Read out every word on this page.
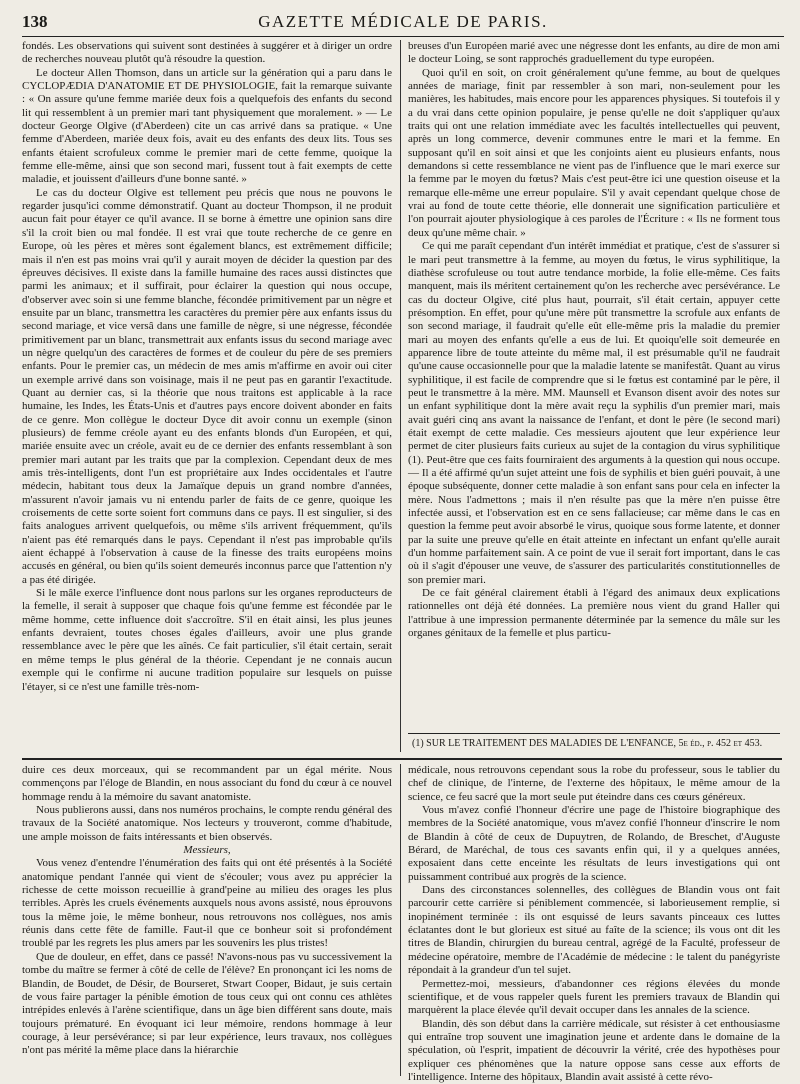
138	GAZETTE MÉDICALE DE PARIS.

fondés. Les observations qui suivent sont destinées à suggérer et à diriger un ordre de recherches nouveau plutôt qu'à résoudre la question.

Le docteur Allen Thomson, dans un article sur la génération qui a paru dans le CYCLOPÆDIA D'ANATOMIE ET DE PHYSIOLOGIE, fait la remarque suivante : « On assure qu'une femme mariée deux fois a quelquefois des enfants du second lit qui ressemblent à un premier mari tant physiquement que moralement. » — Le docteur George Olgive (d'Aberdeen) cite un cas arrivé dans sa pratique. « Une femme d'Aberdeen, mariée deux fois, avait eu des enfants des deux lits. Tous ses enfants étaient scrofuleux comme le premier mari de cette femme, quoique la femme elle-même, ainsi que son second mari, fussent tout à fait exempts de cette maladie, et jouissent d'ailleurs d'une bonne santé. »

Le cas du docteur Olgive est tellement peu précis que nous ne pouvons le regarder jusqu'ici comme démonstratif. Quant au docteur Thompson, il ne produit aucun fait pour étayer ce qu'il avance. Il se borne à émettre une opinion sans dire s'il la croit bien ou mal fondée. Il est vrai que toute recherche de ce genre en Europe, où les pères et mères sont également blancs, est extrêmement difficile; mais il n'en est pas moins vrai qu'il y aurait moyen de décider la question par des épreuves décisives. Il existe dans la famille humaine des races aussi distinctes que parmi les animaux; et il suffirait, pour éclairer la question qui nous occupe, d'observer avec soin si une femme blanche, fécondée primitivement par un nègre et ensuite par un blanc, transmettra les caractères du premier père aux enfants issus du second mariage, et vice versâ dans une famille de nègre, si une négresse, fécondée primitivement par un blanc, transmettrait aux enfants issus du second mariage avec un nègre quelqu'un des caractères de formes et de couleur du père de ses premiers enfants. Pour le premier cas, un médecin de mes amis m'affirme en avoir oui citer un exemple arrivé dans son voisinage, mais il ne peut pas en garantir l'exactitude. Quant au dernier cas, si la théorie que nous traitons est applicable à la race humaine, les Indes, les États-Unis et d'autres pays encore doivent abonder en faits de ce genre. Mon collègue le docteur Dyce dit avoir connu un exemple (sinon plusieurs) de femme créole ayant eu des enfants blonds d'un Européen, et qui, mariée ensuite avec un créole, avait eu de ce dernier des enfants ressemblant à son premier mari autant par les traits que par la complexion. Cependant deux de mes amis très-intelligents, dont l'un est propriétaire aux Indes occidentales et l'autre médecin, habitant tous deux la Jamaïque depuis un grand nombre d'années, m'assurent n'avoir jamais vu ni entendu parler de faits de ce genre, quoique les croisements de cette sorte soient fort communs dans ce pays. Il est singulier, si des faits analogues arrivent quelquefois, ou même s'ils arrivent fréquemment, qu'ils n'aient pas été remarqués dans le pays. Cependant il n'est pas improbable qu'ils aient échappé à l'observation à cause de la finesse des traits européens moins accusés en général, ou bien qu'ils soient demeurés inconnus parce que l'attention n'y a pas été dirigée.

Si le mâle exerce l'influence dont nous parlons sur les organes reproducteurs de la femelle, il serait à supposer que chaque fois qu'une femme est fécondée par le même homme, cette influence doit s'accroître. S'il en était ainsi, les plus jeunes enfants devraient, toutes choses égales d'ailleurs, avoir une plus grande ressemblance avec le père que les aînés. Ce fait particulier, s'il était certain, serait en même temps le plus général de la théorie. Cependant je ne connais aucun exemple qui le confirme ni aucune tradition populaire sur lesquels on puisse l'étayer, si ce n'est une famille très-nom-

breuses d'un Européen marié avec une négresse dont les enfants, au dire de mon ami le docteur Loing, se sont rapprochés graduellement du type européen.

Quoi qu'il en soit, on croit généralement qu'une femme, au bout de quelques années de mariage, finit par ressembler à son mari, non-seulement pour les manières, les habitudes, mais encore pour les apparences physiques. Si toutefois il y a du vrai dans cette opinion populaire, je pense qu'elle ne doit s'appliquer qu'aux traits qui ont une relation immédiate avec les facultés intellectuelles qui peuvent, après un long commerce, devenir communes entre le mari et la femme. En supposant qu'il en soit ainsi et que les conjoints aient eu plusieurs enfants, nous demandons si cette ressemblance ne vient pas de l'influence que le mari exerce sur la femme par le moyen du fœtus? Mais c'est peut-être ici une question oiseuse et la remarque elle-même une erreur populaire. S'il y avait cependant quelque chose de vrai au fond de toute cette théorie, elle donnerait une signification particulière et l'on pourrait ajouter physiologique à ces paroles de l'Écriture : « Ils ne forment tous deux qu'une même chair. »

Ce qui me paraît cependant d'un intérêt immédiat et pratique, c'est de s'assurer si le mari peut transmettre à la femme, au moyen du fœtus, le virus syphilitique, la diathèse scrofuleuse ou tout autre tendance morbide, la folie elle-même. Ces faits manquent, mais ils méritent certainement qu'on les recherche avec persévérance. Le cas du docteur Olgive, cité plus haut, pourrait, s'il était certain, appuyer cette présomption. En effet, pour qu'une mère pût transmettre la scrofule aux enfants de son second mariage, il faudrait qu'elle eût elle-même pris la maladie du premier mari au moyen des enfants qu'elle a eus de lui. Et quoiqu'elle soit demeurée en apparence libre de toute atteinte du même mal, il est présumable qu'il ne faudrait qu'une cause occasionnelle pour que la maladie latente se manifestât. Quant au virus syphilitique, il est facile de comprendre que si le fœtus est contaminé par le père, il peut le transmettre à la mère. MM. Maunsell et Evanson disent avoir des notes sur un enfant syphilitique dont la mère avait reçu la syphilis d'un premier mari, mais avait guéri cinq ans avant la naissance de l'enfant, et dont le père (le second mari) était exempt de cette maladie. Ces messieurs ajoutent que leur expérience leur permet de citer plusieurs faits curieux au sujet de la contagion du virus syphilitique (1). Peut-être que ces faits fourniraient des arguments à la question qui nous occupe. — Il a été affirmé qu'un sujet atteint une fois de syphilis et bien guéri pouvait, à une époque subséquente, donner cette maladie à son enfant sans pour cela en infecter la mère. Nous l'admettons ; mais il n'en résulte pas que la mère n'en puisse être infectée aussi, et l'observation est en ce sens fallacieuse; car même dans le cas en question la femme peut avoir absorbé le virus, quoique sous forme latente, et donner par la suite une preuve qu'elle en était atteinte en infectant un enfant qu'elle aurait d'un homme parfaitement sain. A ce point de vue il serait fort important, dans le cas où il s'agit d'épouser une veuve, de s'assurer des particularités constitutionnelles de son premier mari.

De ce fait général clairement établi à l'égard des animaux deux explications rationnelles ont déjà été données. La première nous vient du grand Haller qui l'attribue à une impression permanente déterminée par la semence du mâle sur les organes génitaux de la femelle et plus particu-

(1) SUR LE TRAITEMENT DES MALADIES DE L'ENFANCE, 5e éd., p. 452 et 453.

duire ces deux morceaux, qui se recommandent par un égal mérite. Nous commençons par l'éloge de Blandin, en nous associant du fond du cœur à ce nouvel hommage rendu à la mémoire du savant anatomiste.

Nous publierons aussi, dans nos numéros prochains, le compte rendu général des travaux de la Société anatomique. Nos lecteurs y trouveront, comme d'habitude, une ample moisson de faits intéressants et bien observés.

Messieurs,

Vous venez d'entendre l'énumération des faits qui ont été présentés à la Société anatomique pendant l'année qui vient de s'écouler; vous avez pu apprécier la richesse de cette moisson recueillie à grand'peine au milieu des orages les plus terribles. Après les cruels événements auxquels nous avons assisté, nous éprouvons tous la même joie, le même bonheur, nous retrouvons nos collègues, nos amis réunis dans cette fête de famille. Faut-il que ce bonheur soit si profondément troublé par les regrets les plus amers par les souvenirs les plus tristes!

Que de douleur, en effet, dans ce passé! N'avons-nous pas vu successivement la tombe du maître se fermer à côté de celle de l'élève? En prononçant ici les noms de Blandin, de Boudet, de Désir, de Bourseret, Stwart Cooper, Bidaut, je suis certain de vous faire partager la pénible émotion de tous ceux qui ont connu ces athlètes intrépides enlevés à l'arène scientifique, dans un âge bien différent sans doute, mais toujours prématuré. En évoquant ici leur mémoire, rendons hommage à leur courage, à leur persévérance; si par leur expérience, leurs travaux, nos collègues n'ont pas mérité la même place dans la hiérarchie

médicale, nous retrouvons cependant sous la robe du professeur, sous le tablier du chef de clinique, de l'interne, de l'externe des hôpitaux, le même amour de la science, ce feu sacré que la mort seule put éteindre dans ces cœurs généreux.

Vous m'avez confié l'honneur d'écrire une page de l'histoire biographique des membres de la Société anatomique, vous m'avez confié l'honneur d'inscrire le nom de Blandin à côté de ceux de Dupuytren, de Rolando, de Breschet, d'Auguste Bérard, de Maréchal, de tous ces savants enfin qui, il y a quelques années, exposaient dans cette enceinte les résultats de leurs investigations qui ont puissamment contribué aux progrès de la science.

Dans des circonstances solennelles, des collègues de Blandin vous ont fait parcourir cette carrière si péniblement commencée, si laborieusement remplie, si inopinément terminée : ils ont esquissé de leurs savants pinceaux ces luttes éclatantes dont le but glorieux est situé au faîte de la science; ils vous ont dit les titres de Blandin, chirurgien du bureau central, agrégé de la Faculté, professeur de médecine opératoire, membre de l'Académie de médecine : le talent du panégyriste répondait à la grandeur d'un tel sujet.

Permettez-moi, messieurs, d'abandonner ces régions élevées du monde scientifique, et de vous rappeler quels furent les premiers travaux de Blandin qui marquèrent la place élevée qu'il devait occuper dans les annales de la science.

Blandin, dès son début dans la carrière médicale, sut résister à cet enthousiasme qui entraîne trop souvent une imagination jeune et ardente dans le domaine de la spéculation, où l'esprit, impatient de découvrir la vérité, crée des hypothèses pour expliquer ces phénomènes que la nature oppose sans cesse aux efforts de l'intelligence. Interne des hôpitaux, Blandin avait assisté à cette révo-
